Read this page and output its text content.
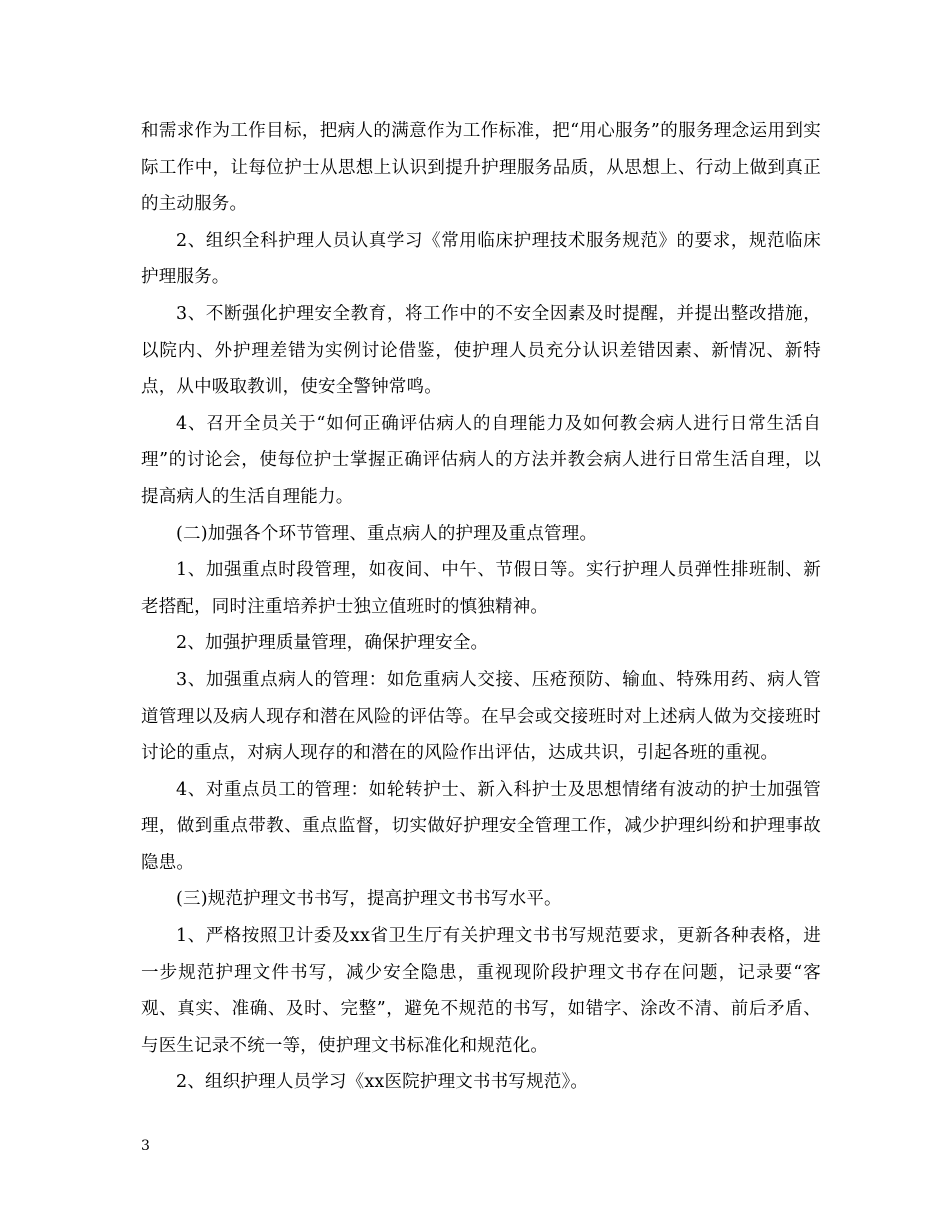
和需求作为工作目标，把病人的满意作为工作标准，把“用心服务”的服务理念运用到实际工作中，让每位护士从思想上认识到提升护理服务品质，从思想上、行动上做到真正的主动服务。

2、组织全科护理人员认真学习《常用临床护理技术服务规范》的要求，规范临床护理服务。

3、不断强化护理安全教育，将工作中的不安全因素及时提醒，并提出整改措施，以院内、外护理差错为实例讨论借鉴，使护理人员充分认识差错因素、新情况、新特点，从中吸取教训，使安全警钟常鸣。

4、召开全员关于“如何正确评估病人的自理能力及如何教会病人进行日常生活自理”的讨论会，使每位护士掌握正确评估病人的方法并教会病人进行日常生活自理，以提高病人的生活自理能力。

(二)加强各个环节管理、重点病人的护理及重点管理。

1、加强重点时段管理，如夜间、中午、节假日等。实行护理人员弹性排班制、新老搭配，同时注重培养护士独立值班时的慎独精神。

2、加强护理质量管理，确保护理安全。

3、加强重点病人的管理：如危重病人交接、压疮预防、输血、特殊用药、病人管道管理以及病人现存和潜在风险的评估等。在早会或交接班时对上述病人做为交接班时讨论的重点，对病人现存的和潜在的风险作出评估，达成共识，引起各班的重视。

4、对重点员工的管理：如轮转护士、新入科护士及思想情绪有波动的护士加强管理，做到重点带教、重点监督，切实做好护理安全管理工作，减少护理纠纷和护理事故隐患。

(三)规范护理文书书写，提高护理文书书写水平。

1、严格按照卫计委及xx省卫生厅有关护理文书书写规范要求，更新各种表格，进一步规范护理文件书写，减少安全隐患，重视现阶段护理文书存在问题，记录要“客观、真实、准确、及时、完整”，避免不规范的书写，如错字、涂改不清、前后矛盾、与医生记录不统一等，使护理文书标准化和规范化。

2、组织护理人员学习《xx医院护理文书书写规范》。

3
